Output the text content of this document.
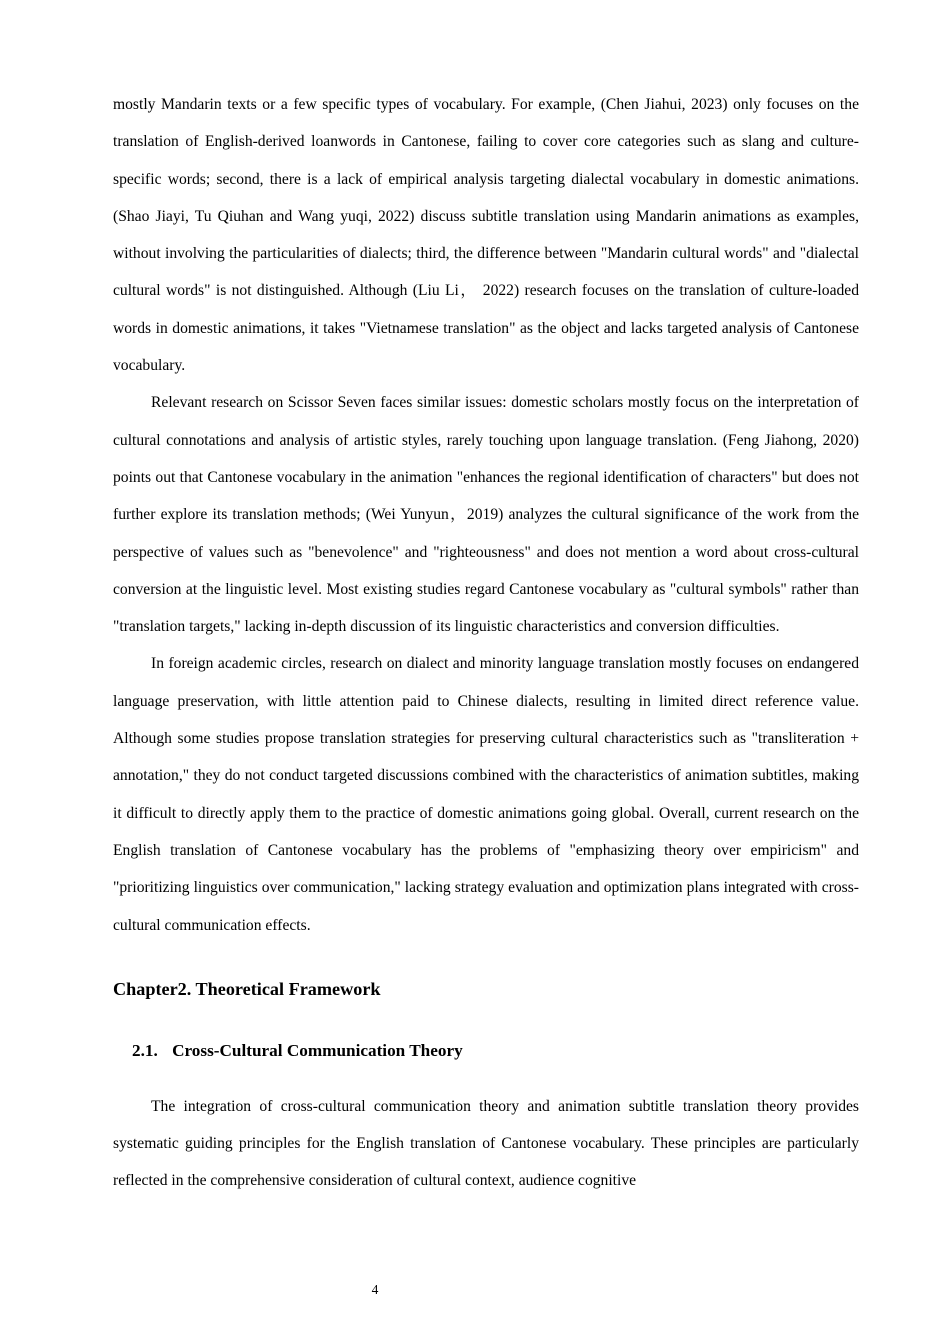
mostly Mandarin texts or a few specific types of vocabulary. For example, (Chen Jiahui, 2023) only focuses on the translation of English-derived loanwords in Cantonese, failing to cover core categories such as slang and culture-specific words; second, there is a lack of empirical analysis targeting dialectal vocabulary in domestic animations. (Shao Jiayi, Tu Qiuhan and Wang yuqi, 2022) discuss subtitle translation using Mandarin animations as examples, without involving the particularities of dialects; third, the difference between "Mandarin cultural words" and "dialectal cultural words" is not distinguished. Although (Liu Li， 2022) research focuses on the translation of culture-loaded words in domestic animations, it takes "Vietnamese translation" as the object and lacks targeted analysis of Cantonese vocabulary.

Relevant research on Scissor Seven faces similar issues: domestic scholars mostly focus on the interpretation of cultural connotations and analysis of artistic styles, rarely touching upon language translation. (Feng Jiahong, 2020) points out that Cantonese vocabulary in the animation "enhances the regional identification of characters" but does not further explore its translation methods; (Wei Yunyun，2019) analyzes the cultural significance of the work from the perspective of values such as "benevolence" and "righteousness" and does not mention a word about cross-cultural conversion at the linguistic level. Most existing studies regard Cantonese vocabulary as "cultural symbols" rather than "translation targets," lacking in-depth discussion of its linguistic characteristics and conversion difficulties.

In foreign academic circles, research on dialect and minority language translation mostly focuses on endangered language preservation, with little attention paid to Chinese dialects, resulting in limited direct reference value. Although some studies propose translation strategies for preserving cultural characteristics such as "transliteration + annotation," they do not conduct targeted discussions combined with the characteristics of animation subtitles, making it difficult to directly apply them to the practice of domestic animations going global. Overall, current research on the English translation of Cantonese vocabulary has the problems of "emphasizing theory over empiricism" and "prioritizing linguistics over communication," lacking strategy evaluation and optimization plans integrated with cross-cultural communication effects.

Chapter2. Theoretical Framework
2.1. Cross-Cultural Communication Theory

The integration of cross-cultural communication theory and animation subtitle translation theory provides systematic guiding principles for the English translation of Cantonese vocabulary. These principles are particularly reflected in the comprehensive consideration of cultural context, audience cognitive

4
